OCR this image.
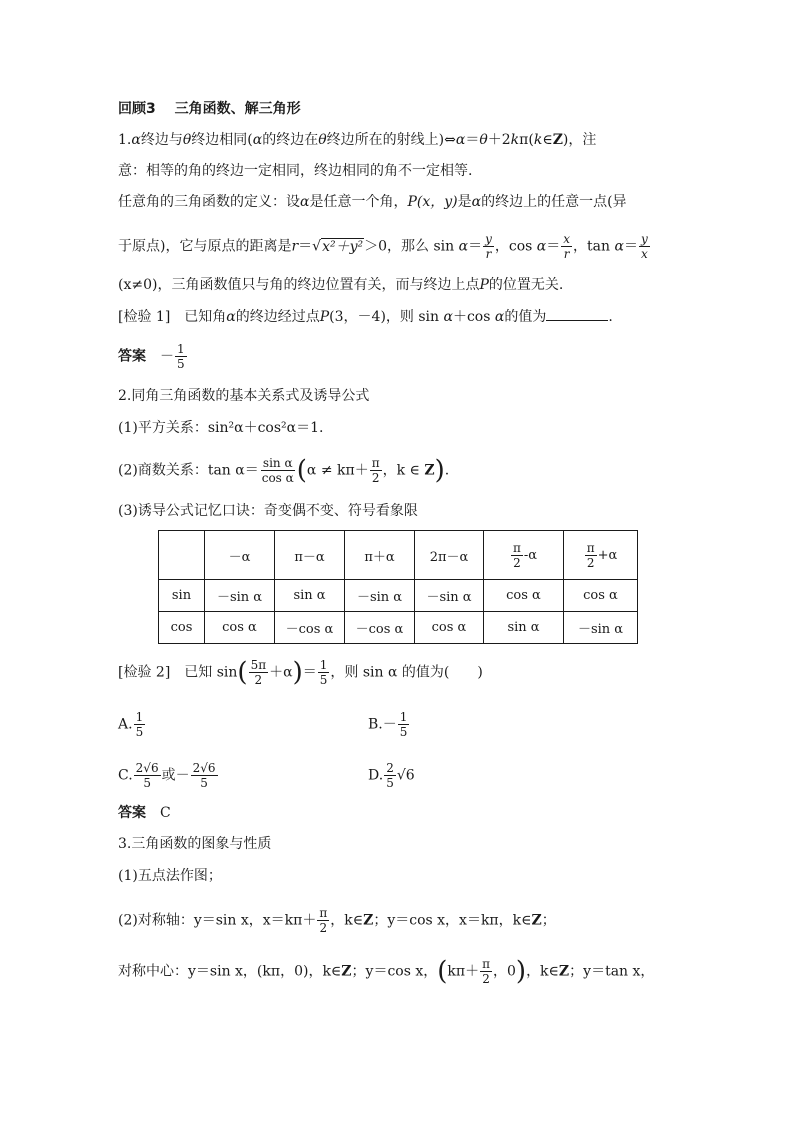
回顾3 三角函数、解三角形
1.α终边与θ终边相同(α的终边在θ终边所在的射线上)⇔α＝θ＋2kπ(k∈Z)，注
意：相等的角的终边一定相同，终边相同的角不一定相等.
任意角的三角函数的定义：设α是任意一个角，P(x，y)是α的终边上的任意一点(异
于原点)，它与原点的距离是r＝√x²＋y²＞0，那么 $\sin \alpha= \frac{y}{r}$ ，$\cos \alpha= \frac{x}{r}$ ，$\tan \alpha= \frac{y}{x}$
(x≠0)，三角函数值只与角的终边位置有关，而与终边上点P的位置无关.
[检验 1]　已知角α的终边经过点P(3，－4)，则 sin α＋cos α的值为	.
答案　 － $\frac{1}{5}$
2.同角三角函数的基本关系式及诱导公式
(1)平方关系：sin²α＋cos²α＝1.
(2)商数关系：$\tan \alpha= \frac{\text{sin α}}{\text{cos α}} (\alpha \ne k\pi+ \frac{\pi}{2}$ ，k ∈ Z).
(3)诱导公式记忆口诀：奇变偶不变、符号看象限
	－α	π－α	π＋α	2π－α	$\frac{\pi}{2} -\alpha$	$\frac{\pi}{2} +\alpha$
sin	－sin α	sin α	－sin α	－sin α	cos α	cos α
cos	cos α	－cos α	－cos α	cos α	sin α	－sin α
[检验 2]　已知 $\sin( \frac{5\pi}{2} +\alpha)= \frac{1}{5}$ ，则 sin α 的值为(　　)
A. $\frac{1}{5}$	$B.- \frac{1}{5}$
C. $\frac{2√6}{5}$ 或－ $\frac{2√6}{5}$	D. $\frac{2}{5} √6$
答案　 C
3.三角函数的图象与性质
(1)五点法作图；
(2)对称轴：y＝sin x，$x=k\pi+ \frac{\pi}{2}$ ，k∈Z；y＝cos x，x＝kπ，k∈Z；
对称中心：y＝sin x，(kπ，0)，k∈Z；y＝cos x，($k\pi+ \frac{\pi}{2}$ ，0)，k∈Z；y＝tan x，
